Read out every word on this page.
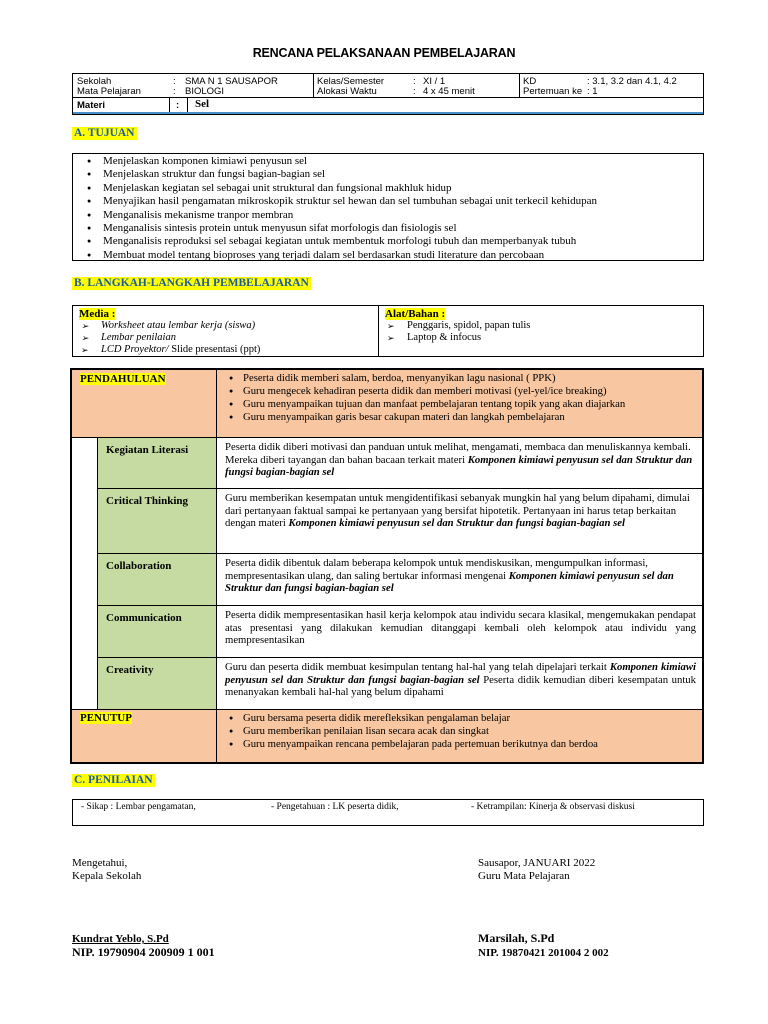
RENCANA PELAKSANAAN PEMBELAJARAN
Sekolah	: SMA N 1 SAUSAPOR
Mata Pelajaran	: BIOLOGI
Kelas/Semester	: XI / 1
Alokasi Waktu	: 4 x 45 menit
KD	: 3.1, 3.2 dan 4.1, 4.2
Pertemuan ke : 1
Materi	: Sel
A. TUJUAN
● Menjelaskan komponen kimiawi penyusun sel
● Menjelaskan struktur dan fungsi bagian-bagian sel
● Menjelaskan kegiatan sel sebagai unit struktural dan fungsional makhluk hidup
● Menyajikan hasil pengamatan mikroskopik struktur sel hewan dan sel tumbuhan sebagai unit terkecil kehidupan
● Menganalisis mekanisme tranpor membran
● Menganalisis sintesis protein untuk menyusun sifat morfologis dan fisiologis sel
● Menganalisis reproduksi sel sebagai kegiatan untuk membentuk morfologi tubuh dan memperbanyak tubuh
● Membuat model tentang bioproses yang terjadi dalam sel berdasarkan studi literature dan percobaan
B. LANGKAH-LANGKAH PEMBELAJARAN
Media :
➢ Worksheet atau lembar kerja (siswa)
➢ Lembar penilaian
➢ LCD Proyektor/ Slide presentasi (ppt)
Alat/Bahan :
➢ Penggaris, spidol, papan tulis
➢ Laptop & infocus
PENDAHULUAN	● Peserta didik memberi salam, berdoa, menyanyikan lagu nasional ( PPK)
● Guru mengecek kehadiran peserta didik dan memberi motivasi (yel-yel/ice breaking)
● Guru menyampaikan tujuan dan manfaat pembelajaran tentang topik yang akan diajarkan
● Guru menyampaikan garis besar cakupan materi dan langkah pembelajaran
Kegiatan Literasi	Peserta didik diberi motivasi dan panduan untuk melihat, mengamati, membaca dan menuliskannya kembali. Mereka diberi tayangan dan bahan bacaan terkait materi Komponen kimiawi penyusun sel dan Struktur dan fungsi bagian-bagian sel
Critical Thinking	Guru memberikan kesempatan untuk mengidentifikasi sebanyak mungkin hal yang belum dipahami, dimulai dari pertanyaan faktual sampai ke pertanyaan yang bersifat hipotetik. Pertanyaan ini harus tetap berkaitan dengan materi Komponen kimiawi penyusun sel dan Struktur dan fungsi bagian-bagian sel
Collaboration	Peserta didik dibentuk dalam beberapa kelompok untuk mendiskusikan, mengumpulkan informasi, mempresentasikan ulang, dan saling bertukar informasi mengenai Komponen kimiawi penyusun sel dan Struktur dan fungsi bagian-bagian sel
Communication	Peserta didik mempresentasikan hasil kerja kelompok atau individu secara klasikal, mengemukakan pendapat atas presentasi yang dilakukan kemudian ditanggapi kembali oleh kelompok atau individu yang mempresentasikan
Creativity	Guru dan peserta didik membuat kesimpulan tentang hal-hal yang telah dipelajari terkait Komponen kimiawi penyusun sel dan Struktur dan fungsi bagian-bagian sel Peserta didik kemudian diberi kesempatan untuk menanyakan kembali hal-hal yang belum dipahami
PENUTUP	● Guru bersama peserta didik merefleksikan pengalaman belajar
● Guru memberikan penilaian lisan secara acak dan singkat
● Guru menyampaikan rencana pembelajaran pada pertemuan berikutnya dan berdoa
C. PENILAIAN
- Sikap : Lembar pengamatan,	- Pengetahuan : LK peserta didik,	- Ketrampilan: Kinerja & observasi diskusi
Mengetahui,
Kepala Sekolah
Kundrat Yeblo, S.Pd
NIP. 19790904 200909 1 001
Sausapor, JANUARI 2022
Guru Mata Pelajaran
Marsilah, S.Pd
NIP. 19870421 201004 2 002
